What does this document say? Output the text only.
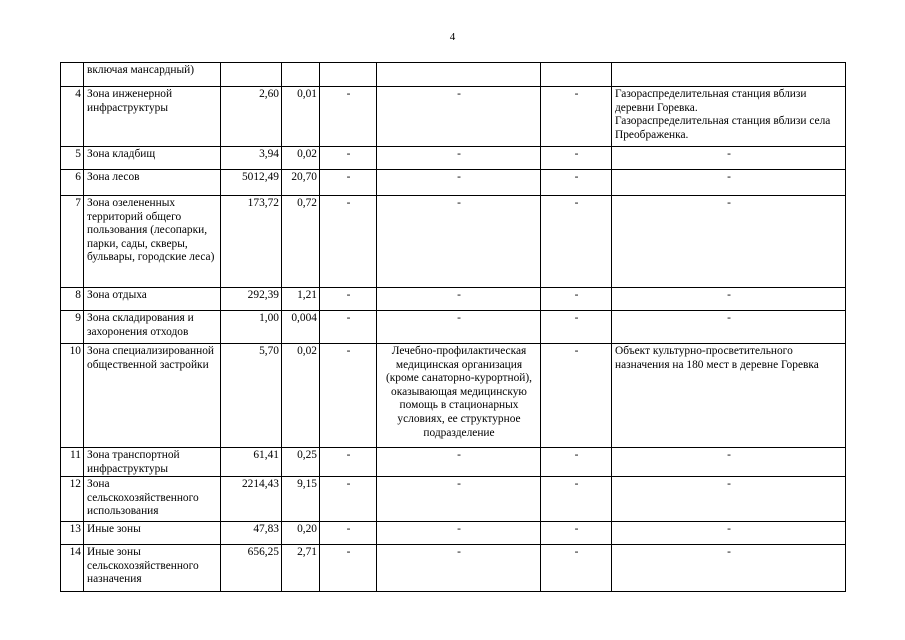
4
	включая мансардный)						
4	Зона инженерной инфраструктуры	2,60	0,01	-	-	-	Газораспределительная станция вблизи деревни Горевка.
Газораспределительная станция вблизи села Преображенка.

5	Зона кладбищ	3,94	0,02	-	-	-	-
6	Зона лесов	5012,49	20,70	-	-	-	-
7	Зона озелененных территорий общего пользования (лесопарки, парки, сады, скверы, бульвары, городские леса)	173,72	0,72	-	-	-	-
8	Зона отдыха	292,39	1,21	-	-	-	-
9	Зона складирования и захоронения отходов	1,00	0,004	-	-	-	-
10	Зона специализированной общественной застройки	5,70	0,02	-	Лечебно-профилактическая медицинская организация (кроме санаторно-курортной), оказывающая медицинскую помощь в стационарных условиях, ее структурное подразделение	-	Объект культурно-просветительного назначения на 180 мест в деревне Горевка
11	Зона транспортной инфраструктуры	61,41	0,25	-	-	-	-
12	Зона сельскохозяйственного использования	2214,43	9,15	-	-	-	-
13	Иные зоны	47,83	0,20	-	-	-	-
14	Иные зоны сельскохозяйственного назначения	656,25	2,71	-	-	-	-
